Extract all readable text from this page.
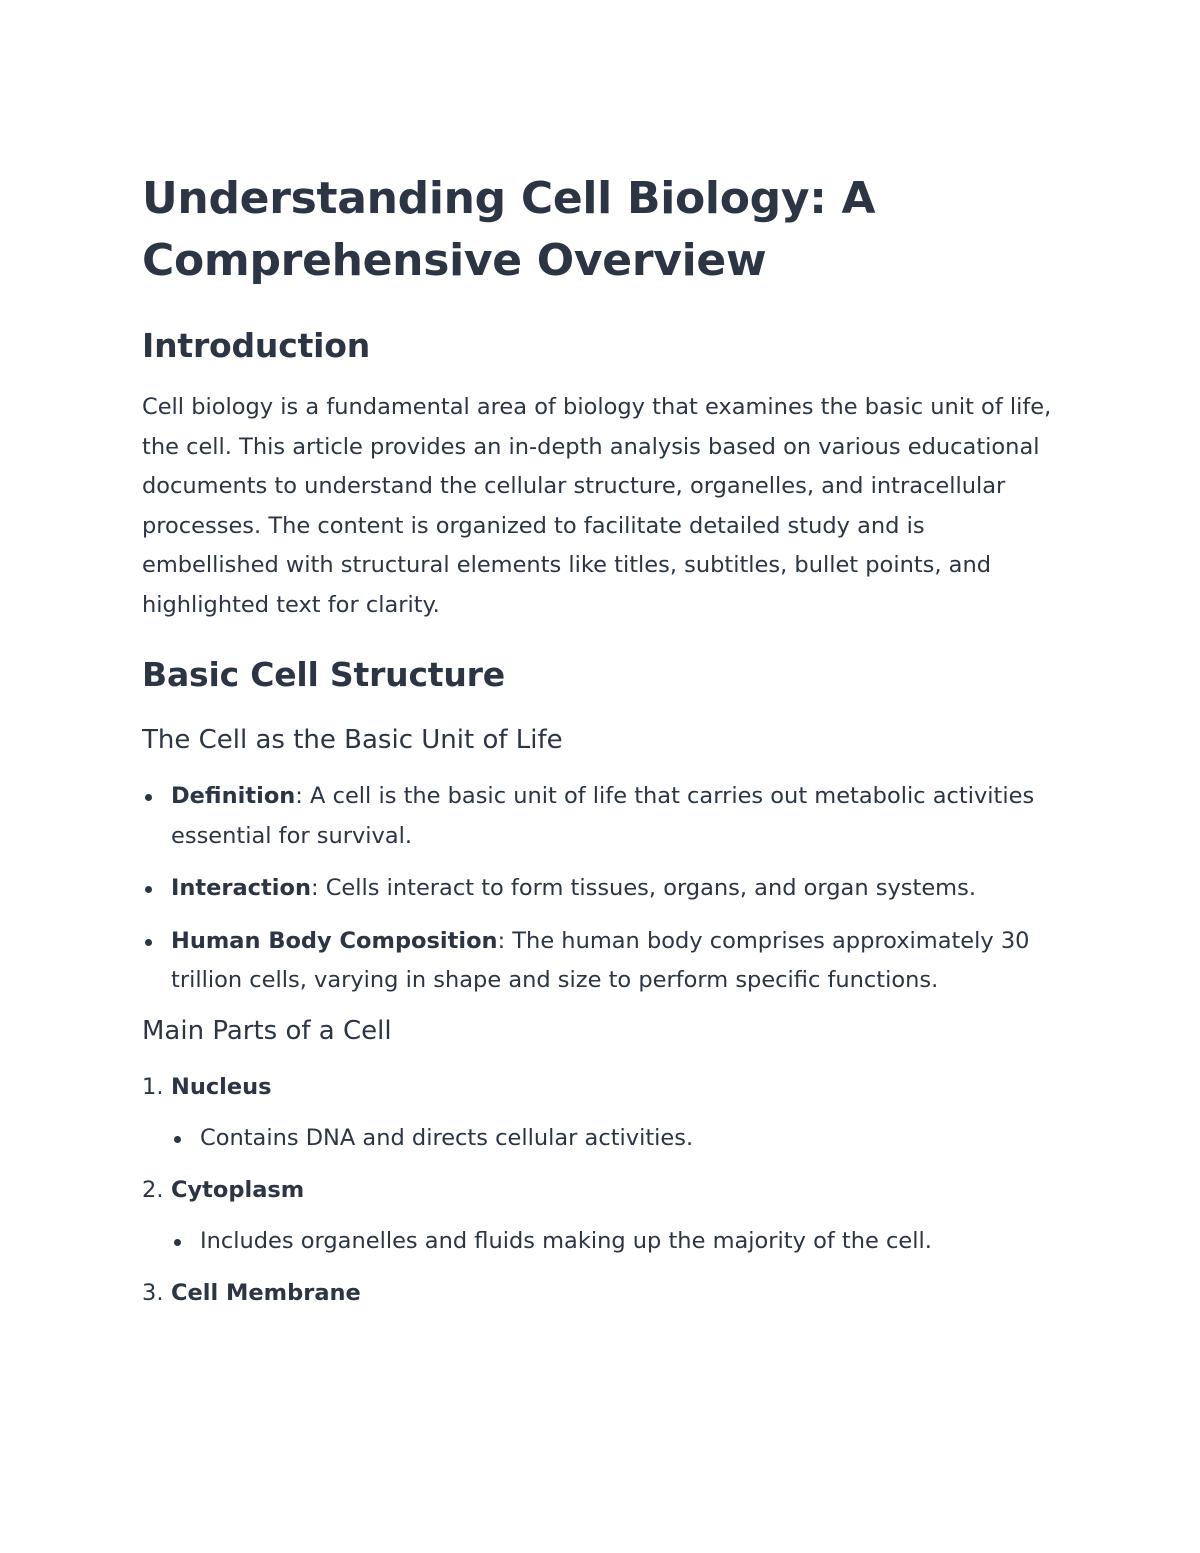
Understanding Cell Biology: A Comprehensive Overview
Introduction

Cell biology is a fundamental area of biology that examines the basic unit of life, the cell. This article provides an in-depth analysis based on various educational documents to understand the cellular structure, organelles, and intracellular processes. The content is organized to facilitate detailed study and is embellished with structural elements like titles, subtitles, bullet points, and highlighted text for clarity.

Basic Cell Structure
The Cell as the Basic Unit of Life
Definition: A cell is the basic unit of life that carries out metabolic activities essential for survival.
Interaction: Cells interact to form tissues, organs, and organ systems.
Human Body Composition: The human body comprises approximately 30 trillion cells, varying in shape and size to perform specific functions.
Main Parts of a Cell
1. Nucleus
Contains DNA and directs cellular activities.
2. Cytoplasm
Includes organelles and fluids making up the majority of the cell.
3. Cell Membrane
